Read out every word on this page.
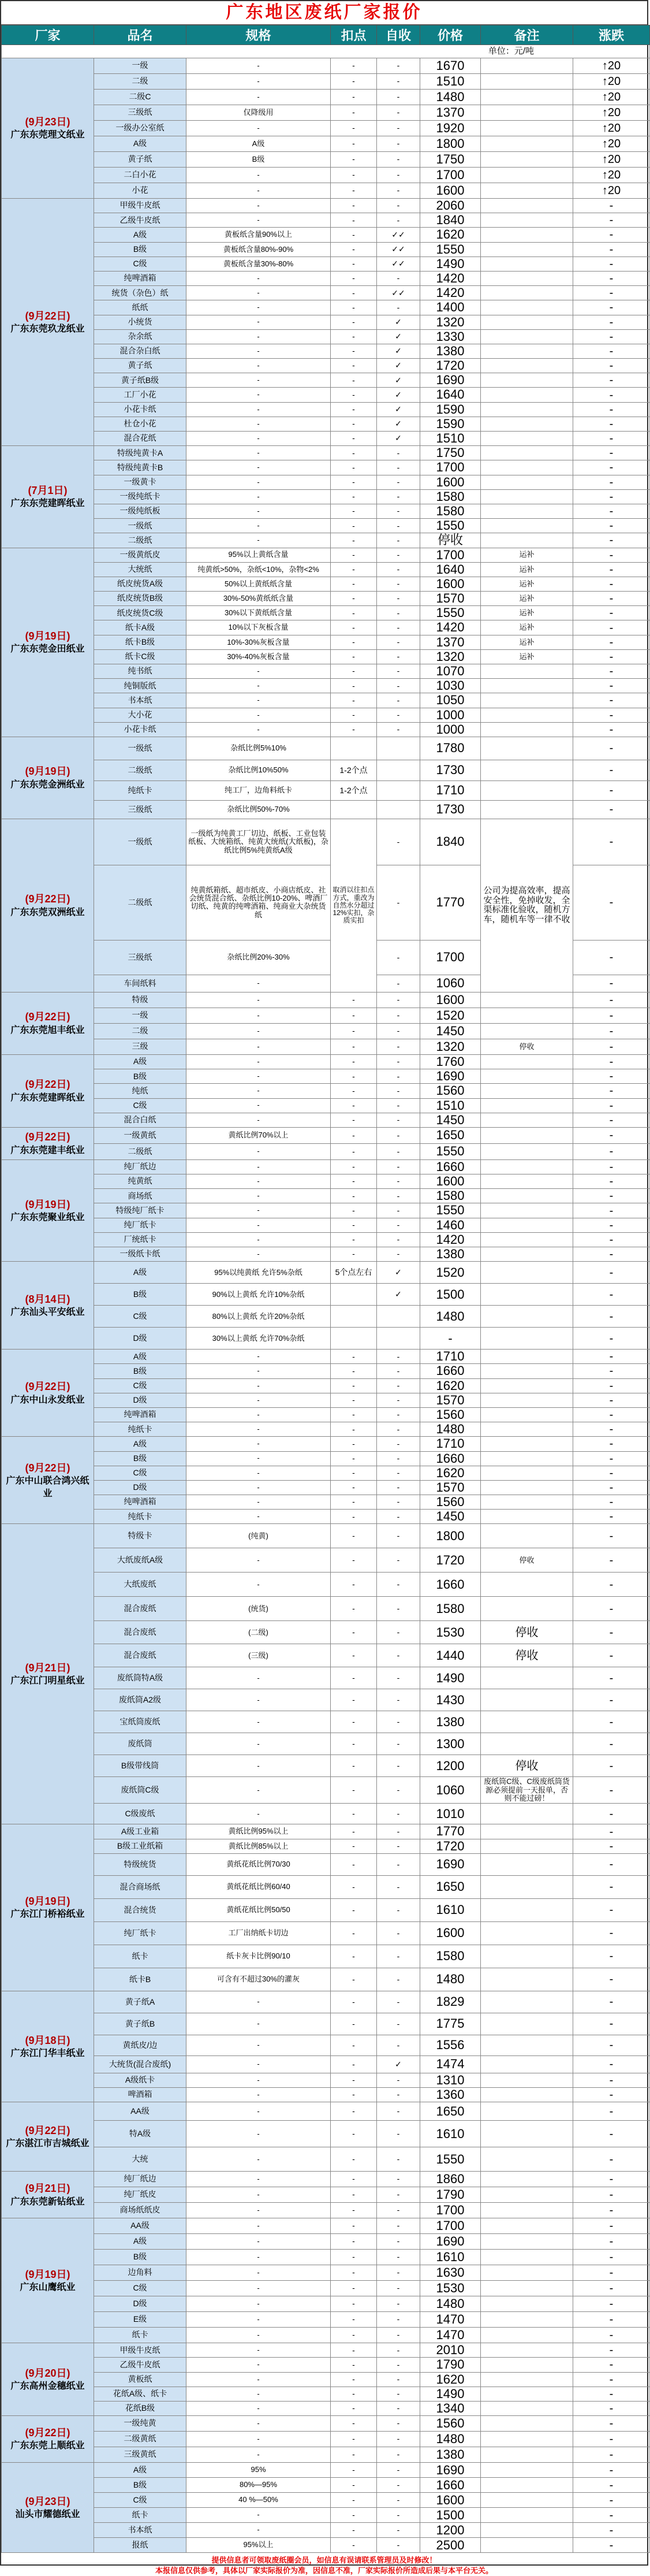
广东地区废纸厂家报价
厂家	品名	规格	扣点	自收	价格	备注	涨跌
单位：元/吨							

(9月23日)
广东东莞理文纸业	一级	-	-	-	1670		↑20
	二级	-	-	-	1510		↑20
	二级C	-	-	-	1480		↑20
	三级纸	仅降级用	-	-	1370		↑20
	一级办公室纸	-	-	-	1920		↑20
	A级	A级	-	-	1800		↑20
	黄子纸	B级	-	-	1750		↑20
	二白小花	-	-	-	1700		↑20
	小花	-	-	-	1600		↑20

(9月22日)
广东东莞玖龙纸业	甲级牛皮纸	-	-	-	2060		-
	乙级牛皮纸	-	-	-	1840		-
	A级	黄板纸含量90%以上	-	✓✓	1620		-
	B级	黄板纸含量80%-90%	-	✓✓	1550		-
	C级	黄板纸含量30%-80%	-	✓✓	1490		-
	纯啤酒箱	-	-	-	1420		-
	统货（杂色）纸	-	-	✓✓	1420		-
	纸纸	-	-	-	1400		-
	小统货	-	-	✓	1320		-
	杂余纸	-	-	✓	1330		-
	混合杂白纸	-	-	✓	1380		-
	黄子纸	-	-	✓	1720		-
	黄子纸B级	-	-	✓	1690		-
	工厂小花	-	-	✓	1640		-
	小花卡纸	-	-	✓	1590		-
	杜仓小花	-	-	✓	1590		-
	混合花纸	-	-	✓	1510		-

(7月1日)
广东东莞建晖纸业	特级纯黄卡A	-	-	-	1750		-
	特级纯黄卡B	-	-	-	1700		-
	一级黄卡	-	-	-	1600		-
	一级纯纸卡	-	-	-	1580		-
	一级纯纸板	-	-	-	1580		-
	一级纸	-	-	-	1550		-
	二级纸	-	-	-	停收		-

(9月19日)
广东东莞金田纸业	一级黄纸皮	95%以上黄纸含量	-	-	1700	运补	-
	大统纸	纯黄纸>50%，杂纸<10%，杂物<2%	-	-	1640	运补	-
	纸皮统货A级	50%以上黄纸纸含量	-	-	1600	运补	-
	纸皮统货B级	30%-50%黄纸纸含量	-	-	1570	运补	-
	纸皮统货C级	30%以下黄纸纸含量	-	-	1550	运补	-
	纸卡A级	10%以下灰板含量	-	-	1420	运补	-
	纸卡B级	10%-30%灰板含量	-	-	1370	运补	-
	纸卡C级	30%-40%灰板含量	-	-	1320	运补	-
	纯书纸	-	-	-	1070		-
	纯铜版纸	-	-	-	1030		-
	书本纸	-	-	-	1050		-
	大小花	-	-	-	1000		-
	小花卡纸	-	-	-	1000		-

(9月19日)
广东东莞金洲纸业	一级纸	杂纸比例5%10%			1780		-
	二级纸	杂纸比例10%50%	1-2个点		1730		-
	纯纸卡	纯工厂，边角料纸卡	1-2个点		1710		-
	三级纸	杂纸比例50%-70%			1730		-

(9月22日)
广东东莞双洲纸业	一级纸	一级纸为纯黄工厂切边、纸板、工业包装纸板、大统箱纸、纯黄大统纸(大纸板)，杂纸比例5%纯黄纸A级	取消以往扣点方式，重改为自然水分超过12%实扣，杂质实扣	-	1840	公司为提高效率，提高安全性，免掉收发，全渠标准化验收，随机方车，随机车等一律不收	-
	二级纸	纯黄纸箱纸、超市纸皮、小商店纸皮、社会统货混合纸、杂纸比例10-20%、啤酒厂切纸、纯黄的纯啤酒箱、纯商业大杂统货纸		-	1770		-
	三级纸	杂纸比例20%-30%		-	1700		-
	车间纸料	-		-	1060		-

(9月22日)
广东东莞旭丰纸业	特级	-	-	-	1600		-
	一级	-	-	-	1520		-
	二级	-	-	-	1450		-
	三级	-	-	-	1320	停收	-

(9月22日)
广东东莞建晖纸业	A级	-	-	-	1760		-
	B级	-	-	-	1690		-
	纯纸	-	-	-	1560		-
	C级	-	-	-	1510		-
	混合白纸	-	-	-	1450		-

(9月22日)
广东东莞建丰纸业	一级黄纸	黄纸比例70%以上	-	-	1650		-
	二级纸	-	-	-	1550		-

(9月19日)
广东东莞聚业纸业	纯厂纸边	-	-	-	1660		-
	纯黄纸	-	-	-	1600		-
	商场纸	-	-	-	1580		-
	特级纯厂纸卡	-	-	-	1550		-
	纯厂纸卡	-	-	-	1460		-
	厂统纸卡	-	-	-	1420		-
	一级纸卡纸	-	-	-	1380		-

(8月14日)
广东汕头平安纸业	A级	95%以纯黄纸 允许5%杂纸	5个点左右	✓	1520		-
	B级	90%以上黄纸 允许10%杂纸		✓	1500		-
	C级	80%以上黄纸 允许20%杂纸			1480		-
	D级	30%以上黄纸 允许70%杂纸			-		-

(9月22日)
广东中山永发纸业	A级	-	-	-	1710		-
	B级	-	-	-	1660		-
	C级	-	-	-	1620		-
	D级	-	-	-	1570		-
	纯啤酒箱	-	-	-	1560		-
	纯纸卡	-	-	-	1480		-

(9月22日)
广东中山联合鸿兴纸业	A级	-	-	-	1710		-
	B级	-	-	-	1660		-
	C级	-	-	-	1620		-
	D级	-	-	-	1570		-
	纯啤酒箱	-	-	-	1560		-
	纯纸卡	-	-	-	1450		-

(9月21日)
广东江门明星纸业	特级卡	(纯黄)	-	-	1800		-
	大纸废纸A级	-	-	-	1720	停收	-
	大纸废纸	-	-	-	1660		-
	混合废纸	(统货)	-	-	1580		-
	混合废纸	(二级)	-	-	1530	停收	-
	混合废纸	(三级)	-	-	1440	停收	-
	废纸筒特A级	-	-	-	1490		-
	废纸筒A2级	-	-	-	1430		-
	宝纸筒废纸	-	-	-	1380		-
	废纸筒	-	-	-	1300		-
	B级带线筒	-	-	-	1200	停收	-
	废纸筒C级	-	-	-	1060	废纸筒C级、C级废纸筒货源必须提前一天报单，否则不能过磅！	-
	C级废纸	-	-	-	1010		-

(9月19日)
广东江门桥裕纸业	A级工业箱	黄纸比例95%以上	-	-	1770		-
	B级工业纸箱	黄纸比例85%以上	-	-	1720		-
	特级统货	黄纸花纸比例70/30	-	-	1690		-
	混合商场纸	黄纸花纸比例60/40	-	-	1650		-
	混合统货	黄纸花纸比例50/50	-	-	1610		-
	纯厂纸卡	工厂出纳纸卡切边	-	-	1600		-
	纸卡	纸卡灰卡比例90/10	-	-	1580		-
	纸卡B	可含有不超过30%的灌灰	-	-	1480		-

(9月18日)
广东江门华丰纸业	黄子纸A	-	-	-	1829		-
	黄子纸B	-	-	-	1775		-
	黄纸皮/边	-	-	-	1556		-
	大统货(混合废纸)	-	-	✓	1474		-
	A级纸卡	-	-	-	1310		-
	啤酒箱	-	-	-	1360		-

(9月22日)
广东湛江市吉城纸业	AA级	-	-	-	1650		-
	特A级	-	-	-	1610		-
	大统	-	-	-	1550		-

(9月21日)
广东东莞新钻纸业	纯厂纸边	-	-	-	1860		-
	纯厂纸皮	-	-	-	1790		-
	商场纸纸皮	-	-	-	1700		-

(9月19日)
广东山鹰纸业	AA级	-	-	-	1700		-
	A级	-	-	-	1690		-
	B级	-	-	-	1610		-
	边角料	-	-	-	1630		-
	C级	-	-	-	1530		-
	D级	-	-	-	1480		-
	E级	-	-	-	1470		-
	纸卡	-	-	-	1470		-

(9月20日)
广东高州金穗纸业	甲级牛皮纸	-	-	-	2010		-
	乙级牛皮纸	-	-	-	1790		-
	黄板纸	-	-	-	1620		-
	花纸A级、纸卡	-	-	-	1490		-
	花纸B级	-	-	-	1340		-

(9月22日)
广东东莞上顺纸业	一级纯黄	-	-	-	1560		-
	二级黄纸	-	-	-	1480		-
	三级黄纸	-	-	-	1380		-

(9月23日)
汕头市耀德纸业	A级	95%	-	-	1690		-
	B级	80%—95%	-	-	1660		-
	C级	40 %—50%	-	-	1600		-
	纸卡	-	-	-	1500		-
	书本纸	-	-	-	1200		-
	报纸	95%以上	-	-	2500		-
提供信息者可领取废纸圈会员，如信息有误请联系管理员及时修改！
本报信息仅供参考，具体以厂家实际报价为准，因信息不准，厂家实际报价所造成后果与本平台无关。
